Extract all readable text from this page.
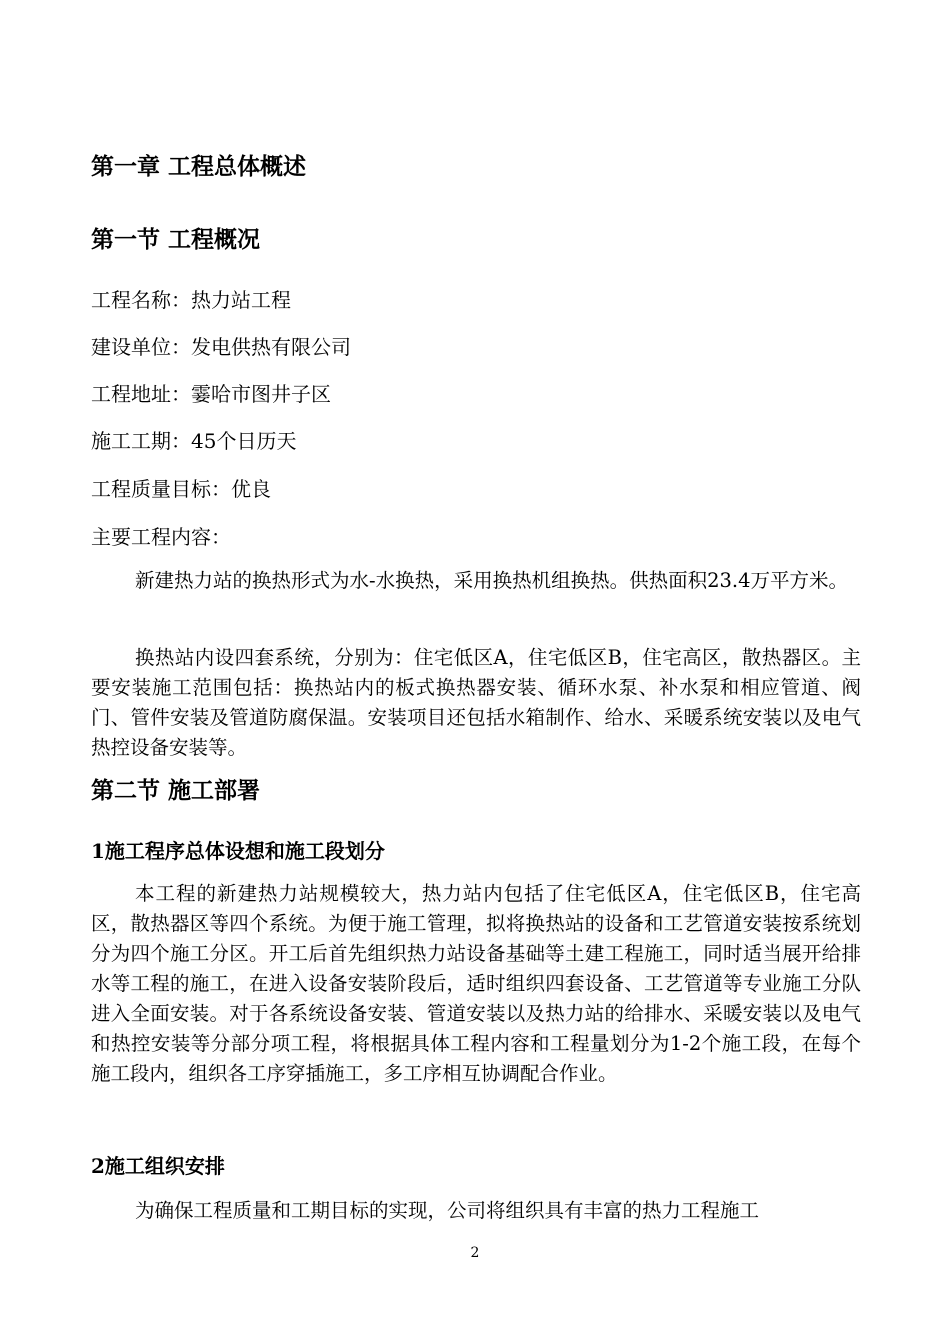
第一章 工程总体概述
第一节 工程概况
工程名称：热力站工程
建设单位：发电供热有限公司
工程地址：霎哈市图井子区
施工工期：45个日历天
工程质量目标：优良
主要工程内容：

新建热力站的换热形式为水-水换热，采用换热机组换热。供热面积23.4万平方米。

换热站内设四套系统，分别为：住宅低区A，住宅低区B，住宅高区，散热器区。主要安装施工范围包括：换热站内的板式换热器安装、循环水泵、补水泵和相应管道、阀门、管件安装及管道防腐保温。安装项目还包括水箱制作、给水、采暖系统安装以及电气热控设备安装等。

第二节 施工部署
1施工程序总体设想和施工段划分

本工程的新建热力站规模较大，热力站内包括了住宅低区A，住宅低区B，住宅高区，散热器区等四个系统。为便于施工管理，拟将换热站的设备和工艺管道安装按系统划分为四个施工分区。开工后首先组织热力站设备基础等土建工程施工，同时适当展开给排水等工程的施工，在进入设备安装阶段后，适时组织四套设备、工艺管道等专业施工分队进入全面安装。对于各系统设备安装、管道安装以及热力站的给排水、采暖安装以及电气和热控安装等分部分项工程，将根据具体工程内容和工程量划分为1-2个施工段，在每个施工段内，组织各工序穿插施工，多工序相互协调配合作业。

2施工组织安排

为确保工程质量和工期目标的实现，公司将组织具有丰富的热力工程施工

2
